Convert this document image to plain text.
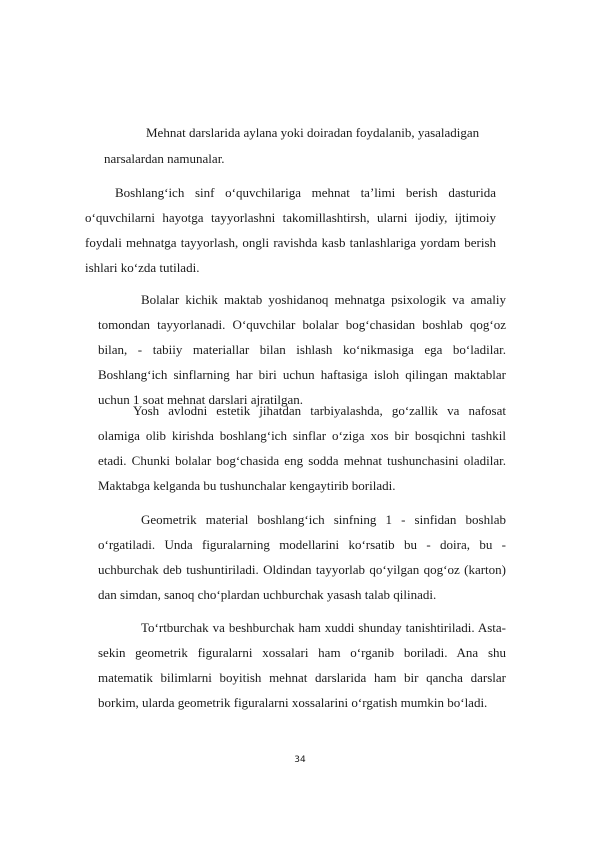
Mehnat darslarida aylana yoki doiradan foydalanib, yasaladigan
narsalardan namunalar.

Boshlang‘ich sinf o‘quvchilariga mehnat ta’limi berish dasturida o‘quvchilarni hayotga tayyorlashni takomillashtirsh, ularni ijodiy, ijtimoiy foydali mehnatga tayyorlash, ongli ravishda kasb tanlashlariga yordam berish ishlari ko‘zda tutiladi.

Bolalar kichik maktab yoshidanoq mehnatga psixologik va amaliy tomondan tayyorlanadi. O‘quvchilar bolalar bog‘chasidan boshlab qog‘oz bilan, - tabiiy materiallar bilan ishlash ko‘nikmasiga ega bo‘ladilar. Boshlang‘ich sinflarning har biri uchun haftasiga isloh qilingan maktablar uchun 1 soat mehnat darslari ajratilgan.

Yosh avlodni estetik jihatdan tarbiyalashda, go‘zallik va nafosat olamiga olib kirishda boshlang‘ich sinflar o‘ziga xos bir bosqichni tashkil etadi. Chunki bolalar bog‘chasida eng sodda mehnat tushunchasini oladilar. Maktabga kelganda bu tushunchalar kengaytirib boriladi.

Geometrik material boshlang‘ich sinfning 1 - sinfidan boshlab o‘rgatiladi. Unda figuralarning modellarini ko‘rsatib bu - doira, bu - uchburchak deb tushuntiriladi. Oldindan tayyorlab qo‘yilgan qog‘oz (karton) dan simdan, sanoq cho‘plardan uchburchak yasash talab qilinadi.

To‘rtburchak va beshburchak ham xuddi shunday tanishtiriladi. Asta-sekin geometrik figuralarni xossalari ham o‘rganib boriladi. Ana shu matematik bilimlarni boyitish mehnat darslarida ham bir qancha darslar borkim, ularda geometrik figuralarni xossalarini o‘rgatish mumkin bo‘ladi.

34
